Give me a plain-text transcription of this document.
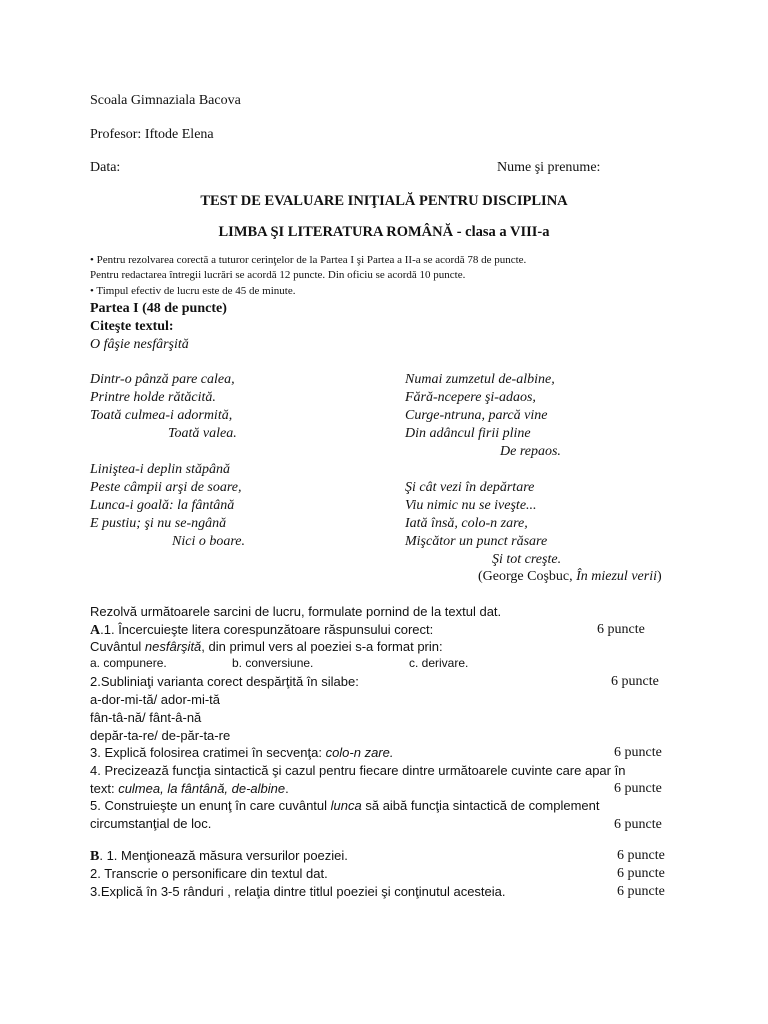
Scoala Gimnaziala Bacova
Profesor: Iftode Elena
Data:	Nume şi prenume:
TEST DE EVALUARE INIŢIALĂ PENTRU DISCIPLINA
LIMBA ŞI LITERATURA ROMÂNĂ - clasa a VIII-a
• Pentru rezolvarea corectă a tuturor cerinţelor de la Partea I şi Partea a II-a se acordă 78 de puncte.
Pentru redactarea întregii lucrări se acordă 12 puncte. Din oficiu se acordă 10 puncte.
• Timpul efectiv de lucru este de 45 de minute.
Partea I (48 de puncte)
Citeşte textul:
O fâşie nesfârşită
Dintr-o pânză pare calea,
Printre holde rătăcită.
Toată culmea-i adormită,
Toată valea.
Liniştea-i deplin stăpână
Peste câmpii arşi de soare,
Lunca-i goală: la fântână
E pustiu; şi nu se-ngână
Nici o boare.
Numai zumzetul de-albine,
Fără-ncepere şi-adaos,
Curge-ntruna, parcă vine
Din adâncul firii pline
De repaos.
Şi cât vezi în depărtare
Viu nimic nu se iveşte...
Iată însă, colo-n zare,
Mişcător un punct răsare
Şi tot creşte.
(George Coşbuc, În miezul verii)
Rezolvă următoarele sarcini de lucru, formulate pornind de la textul dat.
A.1. Încercuieşte litera corespunzătoare răspunsului corect:	6 puncte
Cuvântul nesfârşită, din primul vers al poeziei s-a format prin:
a. compunere.	b. conversiune.	c. derivare.
2.Subliniaţi varianta corect despărţită în silabe:	6 puncte
a-dor-mi-tă/ ador-mi-tă
fân-tâ-nă/ fânt-â-nă
depăr-ta-re/ de-păr-ta-re
3. Explică folosirea cratimei în secvenţa: colo-n zare.	6 puncte
4. Precizează funcţia sintactică şi cazul pentru fiecare dintre următoarele cuvinte care apar în
text: culmea, la fântână, de-albine.	6 puncte
5. Construieşte un enunţ în care cuvântul lunca să aibă funcţia sintactică de complement
circumstanţial de loc.	6 puncte
B. 1. Menţionează măsura versurilor poeziei.	6 puncte
2. Transcrie o personificare din textul dat.	6 puncte
3.Explică în 3-5 rânduri , relaţia dintre titlul poeziei şi conţinutul acesteia.	6 puncte
